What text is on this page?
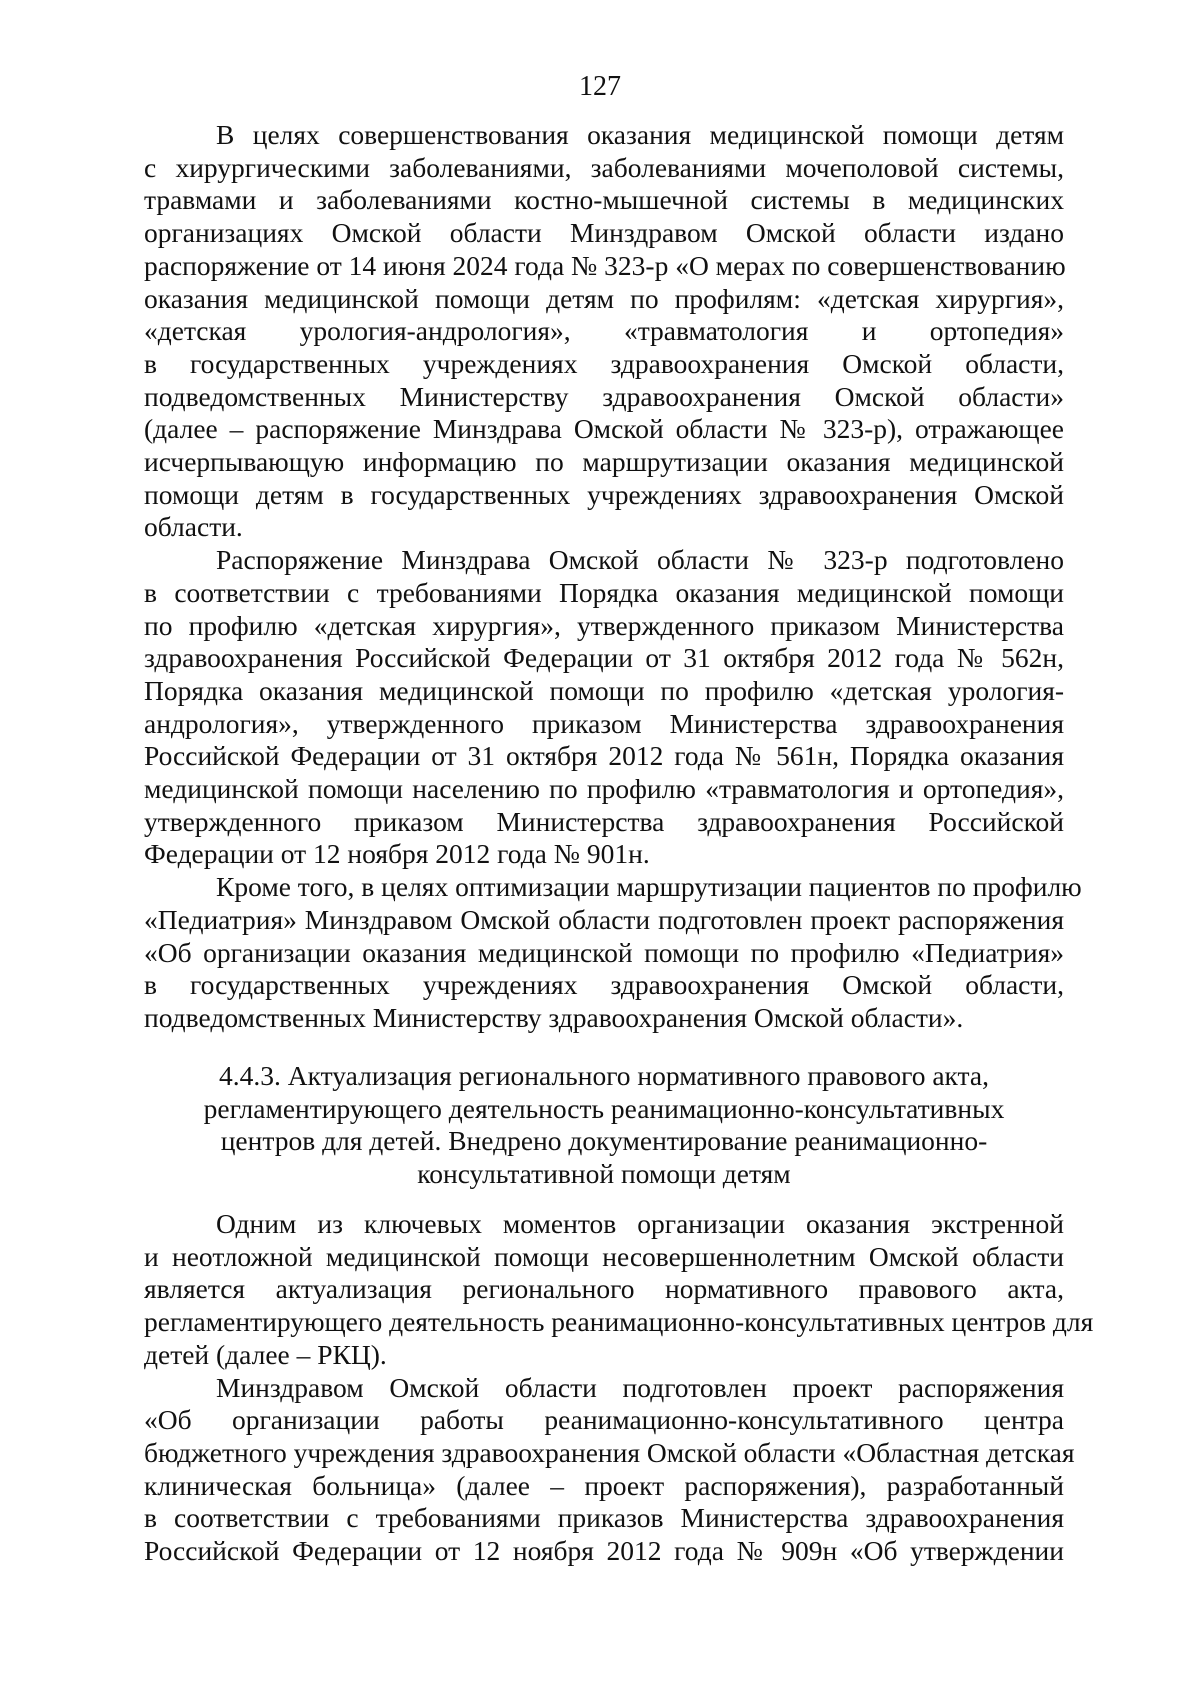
127
В целях совершенствования оказания медицинской помощи детям
с хирургическими заболеваниями, заболеваниями мочеполовой системы,
травмами и заболеваниями костно-мышечной системы в медицинских
организациях Омской области Минздравом Омской области издано
распоряжение от 14 июня 2024 года № 323-р «О мерах по совершенствованию
оказания медицинской помощи детям по профилям: «детская хирургия»,
«детская урология-андрология», «травматология и ортопедия»
в государственных учреждениях здравоохранения Омской области,
подведомственных Министерству здравоохранения Омской области»
(далее – распоряжение Минздрава Омской области № 323-р), отражающее
исчерпывающую информацию по маршрутизации оказания медицинской
помощи детям в государственных учреждениях здравоохранения Омской
области.
Распоряжение Минздрава Омской области № 323-р подготовлено
в соответствии с требованиями Порядка оказания медицинской помощи
по профилю «детская хирургия», утвержденного приказом Министерства
здравоохранения Российской Федерации от 31 октября 2012 года № 562н,
Порядка оказания медицинской помощи по профилю «детская урология-
андрология», утвержденного приказом Министерства здравоохранения
Российской Федерации от 31 октября 2012 года № 561н, Порядка оказания
медицинской помощи населению по профилю «травматология и ортопедия»,
утвержденного приказом Министерства здравоохранения Российской
Федерации от 12 ноября 2012 года № 901н.
Кроме того, в целях оптимизации маршрутизации пациентов по профилю
«Педиатрия» Минздравом Омской области подготовлен проект распоряжения
«Об организации оказания медицинской помощи по профилю «Педиатрия»
в государственных учреждениях здравоохранения Омской области,
подведомственных Министерству здравоохранения Омской области».
4.4.3. Актуализация регионального нормативного правового акта,
регламентирующего деятельность реанимационно-консультативных
центров для детей. Внедрено документирование реанимационно-
консультативной помощи детям
Одним из ключевых моментов организации оказания экстренной
и неотложной медицинской помощи несовершеннолетним Омской области
является актуализация регионального нормативного правового акта,
регламентирующего деятельность реанимационно-консультативных центров для
детей (далее – РКЦ).
Минздравом Омской области подготовлен проект распоряжения
«Об организации работы реанимационно-консультативного центра
бюджетного учреждения здравоохранения Омской области «Областная детская
клиническая больница» (далее – проект распоряжения), разработанный
в соответствии с требованиями приказов Министерства здравоохранения
Российской Федерации от 12 ноября 2012 года № 909н «Об утверждении
